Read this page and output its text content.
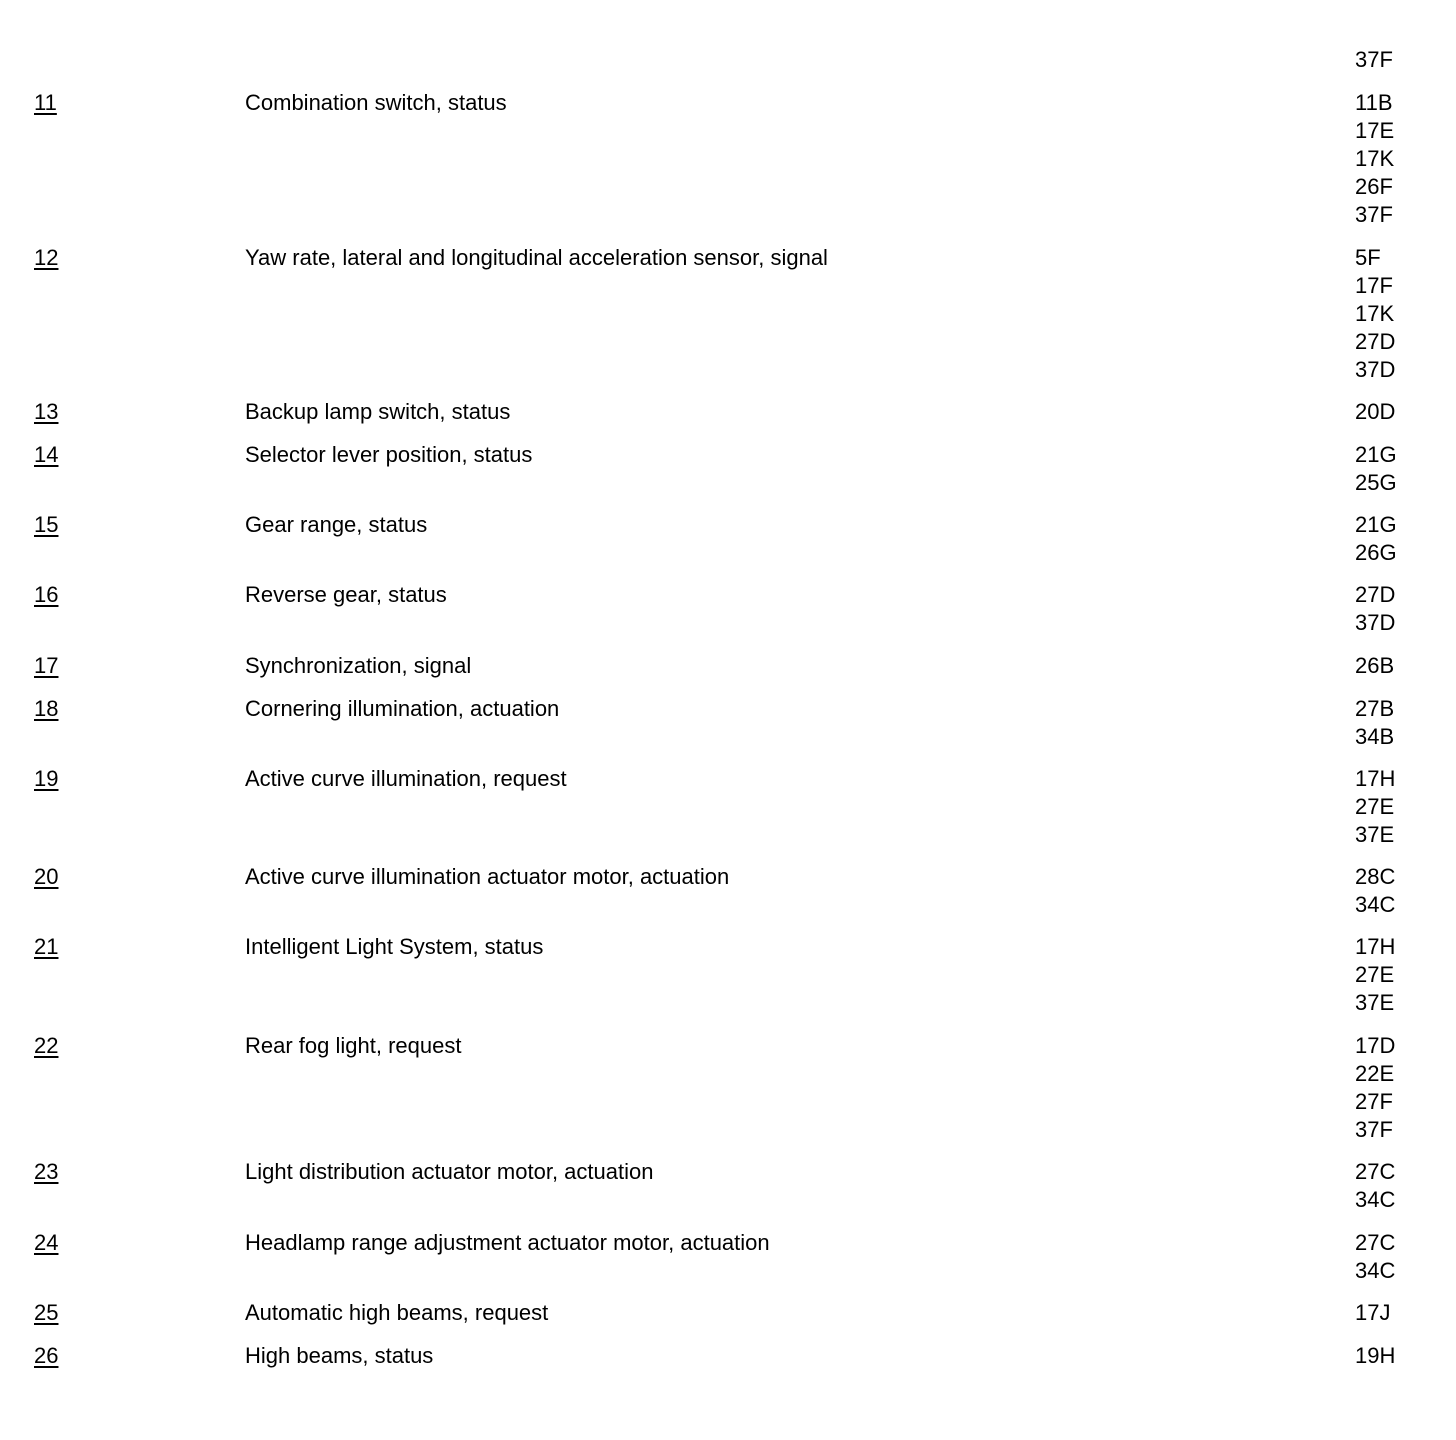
37F
11	Combination switch, status	11B
17E
17K
26F
37F
12	Yaw rate, lateral and longitudinal acceleration sensor, signal	5F
17F
17K
27D
37D
13	Backup lamp switch, status	20D
14	Selector lever position, status	21G
25G
15	Gear range, status	21G
26G
16	Reverse gear, status	27D
37D
17	Synchronization, signal	26B
18	Cornering illumination, actuation	27B
34B
19	Active curve illumination, request	17H
27E
37E
20	Active curve illumination actuator motor, actuation	28C
34C
21	Intelligent Light System, status	17H
27E
37E
22	Rear fog light, request	17D
22E
27F
37F
23	Light distribution actuator motor, actuation	27C
34C
24	Headlamp range adjustment actuator motor, actuation	27C
34C
25	Automatic high beams, request	17J
26	High beams, status	19H
